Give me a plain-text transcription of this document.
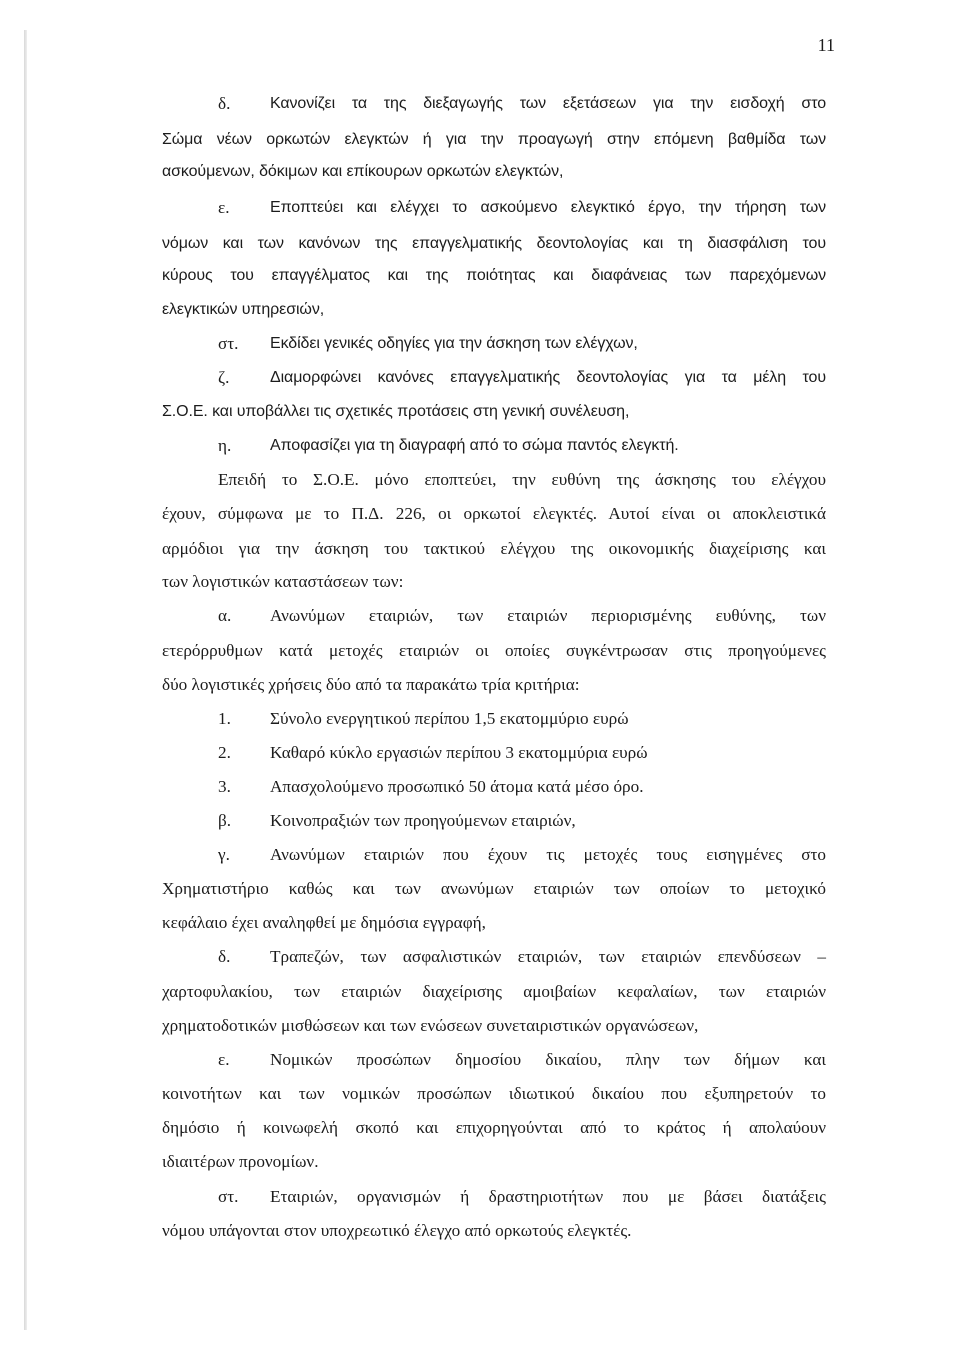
11
δ.	Κανονίζει τα της διεξαγωγής των εξετάσεων για την εισδοχή στο
Σώμα νέων ορκωτών ελεγκτών ή για την προαγωγή στην επόμενη βαθμίδα των
ασκούμενων, δόκιμων και επίκουρων ορκωτών ελεγκτών,
ε.	Εποπτεύει και ελέγχει το ασκούμενο ελεγκτικό έργο, την τήρηση των
νόμων και των κανόνων της επαγγελματικής δεοντολογίας και τη διασφάλιση του
κύρους του επαγγέλματος και της ποιότητας και διαφάνειας των παρεχόμενων
ελεγκτικών υπηρεσιών,
στ.	Εκδίδει γενικές οδηγίες για την άσκηση των ελέγχων,
ζ.	Διαμορφώνει κανόνες επαγγελματικής δεοντολογίας για τα μέλη του
Σ.Ο.Ε. και υποβάλλει τις σχετικές προτάσεις στη γενική συνέλευση,
η.	Αποφασίζει για τη διαγραφή από το σώμα παντός ελεγκτή.
Επειδή το Σ.Ο.Ε. μόνο εποπτεύει, την ευθύνη της άσκησης του ελέγχου
έχουν, σύμφωνα με το Π.Δ. 226, οι ορκωτοί ελεγκτές. Αυτοί είναι οι αποκλειστικά
αρμόδιοι για την άσκηση του τακτικού ελέγχου της οικονομικής διαχείρισης και
των λογιστικών καταστάσεων των:
α.	Ανωνύμων εταιριών, των εταιριών περιορισμένης ευθύνης, των
ετερόρρυθμων κατά μετοχές εταιριών οι οποίες συγκέντρωσαν στις προηγούμενες
δύο λογιστικές χρήσεις δύο από τα παρακάτω τρία κριτήρια:
1.	Σύνολο ενεργητικού περίπου 1,5 εκατομμύριο ευρώ
2.	Καθαρό κύκλο εργασιών περίπου 3 εκατομμύρια ευρώ
3.	Απασχολούμενο προσωπικό 50 άτομα κατά μέσο όρο.
β.	Κοινοπραξιών των προηγούμενων εταιριών,
γ.	Ανωνύμων εταιριών που έχουν τις μετοχές τους εισηγμένες στο
Χρηματιστήριο καθώς και των ανωνύμων εταιριών των οποίων το μετοχικό
κεφάλαιο έχει αναληφθεί με δημόσια εγγραφή,
δ.	Τραπεζών, των ασφαλιστικών εταιριών, των εταιριών επενδύσεων –
χαρτοφυλακίου, των εταιριών διαχείρισης αμοιβαίων κεφαλαίων, των εταιριών
χρηματοδοτικών μισθώσεων και των ενώσεων συνεταιριστικών οργανώσεων,
ε.	Νομικών προσώπων δημοσίου δικαίου, πλην των δήμων και
κοινοτήτων και των νομικών προσώπων ιδιωτικού δικαίου που εξυπηρετούν το
δημόσιο ή κοινωφελή σκοπό και επιχορηγούνται από το κράτος ή απολαύουν
ιδιαιτέρων προνομίων.
στ.	Εταιριών, οργανισμών ή δραστηριοτήτων που με βάσει διατάξεις
νόμου υπάγονται στον υποχρεωτικό έλεγχο από ορκωτούς ελεγκτές.
